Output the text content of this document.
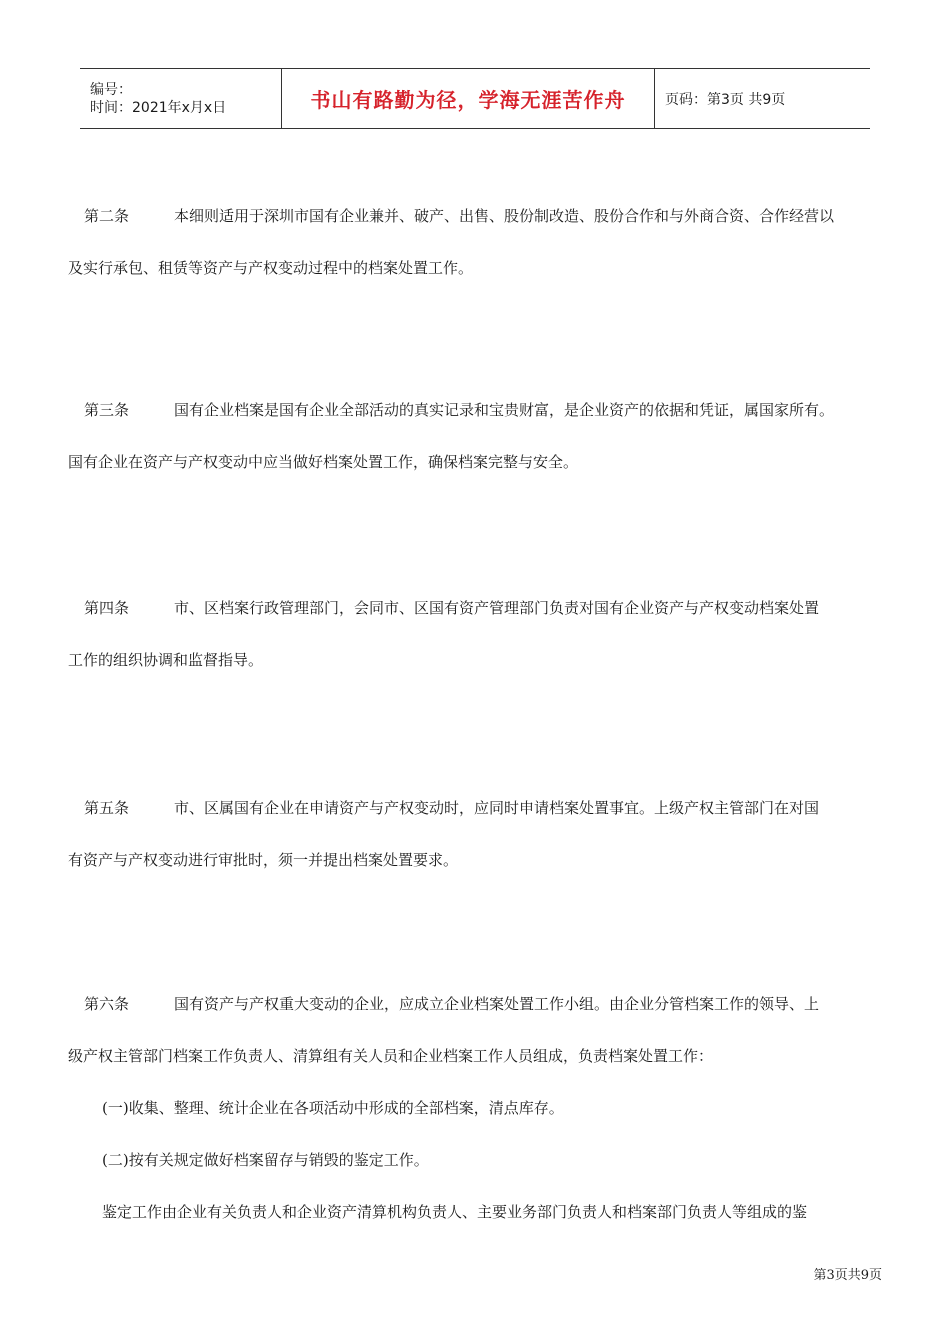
编号：
时间：2021年x月x日	书山有路勤为径，学海无涯苦作舟	页码：第3页 共9页

第二条	本细则适用于深圳市国有企业兼并、破产、出售、股份制改造、股份合作和与外商合资、合作经营以

及实行承包、租赁等资产与产权变动过程中的档案处置工作。

第三条	国有企业档案是国有企业全部活动的真实记录和宝贵财富，是企业资产的依据和凭证，属国家所有。

国有企业在资产与产权变动中应当做好档案处置工作，确保档案完整与安全。

第四条	市、区档案行政管理部门，会同市、区国有资产管理部门负责对国有企业资产与产权变动档案处置

工作的组织协调和监督指导。

第五条	市、区属国有企业在申请资产与产权变动时，应同时申请档案处置事宜。上级产权主管部门在对国

有资产与产权变动进行审批时，须一并提出档案处置要求。

第六条	国有资产与产权重大变动的企业，应成立企业档案处置工作小组。由企业分管档案工作的领导、上

级产权主管部门档案工作负责人、清算组有关人员和企业档案工作人员组成，负责档案处置工作：

(一)收集、整理、统计企业在各项活动中形成的全部档案，清点库存。

(二)按有关规定做好档案留存与销毁的鉴定工作。

鉴定工作由企业有关负责人和企业资产清算机构负责人、主要业务部门负责人和档案部门负责人等组成的鉴

第3页共9页
